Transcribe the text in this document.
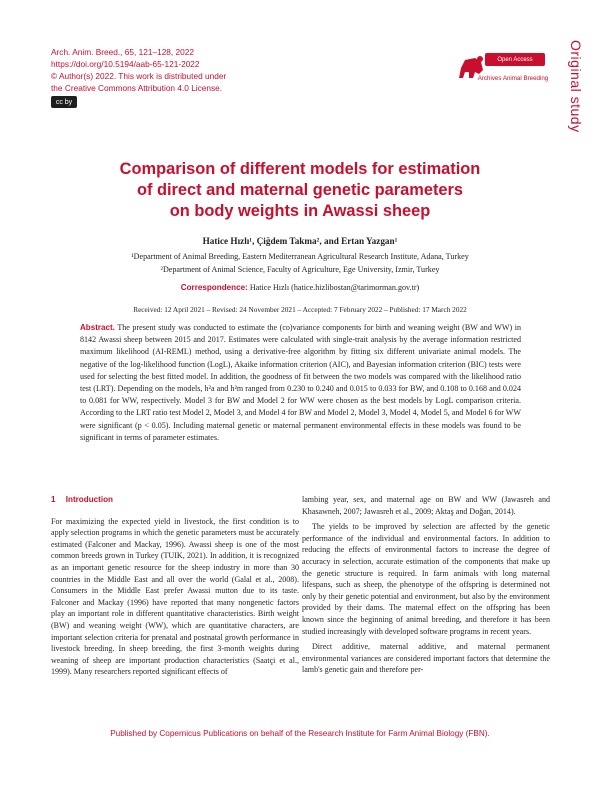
Arch. Anim. Breed., 65, 121–128, 2022
https://doi.org/10.5194/aab-65-121-2022
© Author(s) 2022. This work is distributed under
the Creative Commons Attribution 4.0 License.
cc by
Open Access
Archives Animal Breeding	Original study
Comparison of different models for estimation
of direct and maternal genetic parameters
on body weights in Awassi sheep
Hatice Hızlı¹, Çiğdem Takma², and Ertan Yazgan¹
¹Department of Animal Breeding, Eastern Mediterranean Agricultural Research Institute, Adana, Turkey
²Department of Animal Science, Faculty of Agriculture, Ege University, Izmir, Turkey
Correspondence: Hatice Hızlı (hatice.hizlibostan@tarimorman.gov.tr)
Received: 12 April 2021 – Revised: 24 November 2021 – Accepted: 7 February 2022 – Published: 17 March 2022
Abstract. The present study was conducted to estimate the (co)variance components for birth and weaning weight (BW and WW) in 8142 Awassi sheep between 2015 and 2017. Estimates were calculated with single-trait analysis by the average information restricted maximum likelihood (AI-REML) method, using a derivative-free algorithm by fitting six different univariate animal models. The negative of the log-likelihood function (LogL), Akaike information criterion (AIC), and Bayesian information criterion (BIC) tests were used for selecting the best fitted model. In addition, the goodness of fit between the two models was compared with the likelihood ratio test (LRT). Depending on the models, h²a and h²m ranged from 0.230 to 0.240 and 0.015 to 0.033 for BW, and 0.108 to 0.168 and 0.024 to 0.081 for WW, respectively. Model 3 for BW and Model 2 for WW were chosen as the best models by LogL comparison criteria. According to the LRT ratio test Model 2, Model 3, and Model 4 for BW and Model 2, Model 3, Model 4, Model 5, and Model 6 for WW were significant (p < 0.05). Including maternal genetic or maternal permanent environmental effects in these models was found to be significant in terms of parameter estimates.
1 Introduction

For maximizing the expected yield in livestock, the first condition is to apply selection programs in which the genetic parameters must be accurately estimated (Falconer and Mackay, 1996). Awassi sheep is one of the most common breeds grown in Turkey (TUIK, 2021). In addition, it is recognized as an important genetic resource for the sheep industry in more than 30 countries in the Middle East and all over the world (Galal et al., 2008). Consumers in the Middle East prefer Awassi mutton due to its taste. Falconer and Mackay (1996) have reported that many nongenetic factors play an important role in different quantitative characteristics. Birth weight (BW) and weaning weight (WW), which are quantitative characters, are important selection criteria for prenatal and postnatal growth performance in livestock breeding. In sheep breeding, the first 3-month weights during weaning of sheep are important production characteristics (Saatçi et al., 1999). Many researchers reported significant effects of

lambing year, sex, and maternal age on BW and WW (Jawasreh and Khasawneh, 2007; Jawasreh et al., 2009; Aktaş and Doğan, 2014).

The yields to be improved by selection are affected by the genetic performance of the individual and environmental factors. In addition to reducing the effects of environmental factors to increase the degree of accuracy in selection, accurate estimation of the components that make up the genetic structure is required. In farm animals with long maternal lifespans, such as sheep, the phenotype of the offspring is determined not only by their genetic potential and environment, but also by the environment provided by their dams. The maternal effect on the offspring has been known since the beginning of animal breeding, and therefore it has been studied increasingly with developed software programs in recent years.

Direct additive, maternal additive, and maternal permanent environmental variances are considered important factors that determine the lamb's genetic gain and therefore per-

Published by Copernicus Publications on behalf of the Research Institute for Farm Animal Biology (FBN).
